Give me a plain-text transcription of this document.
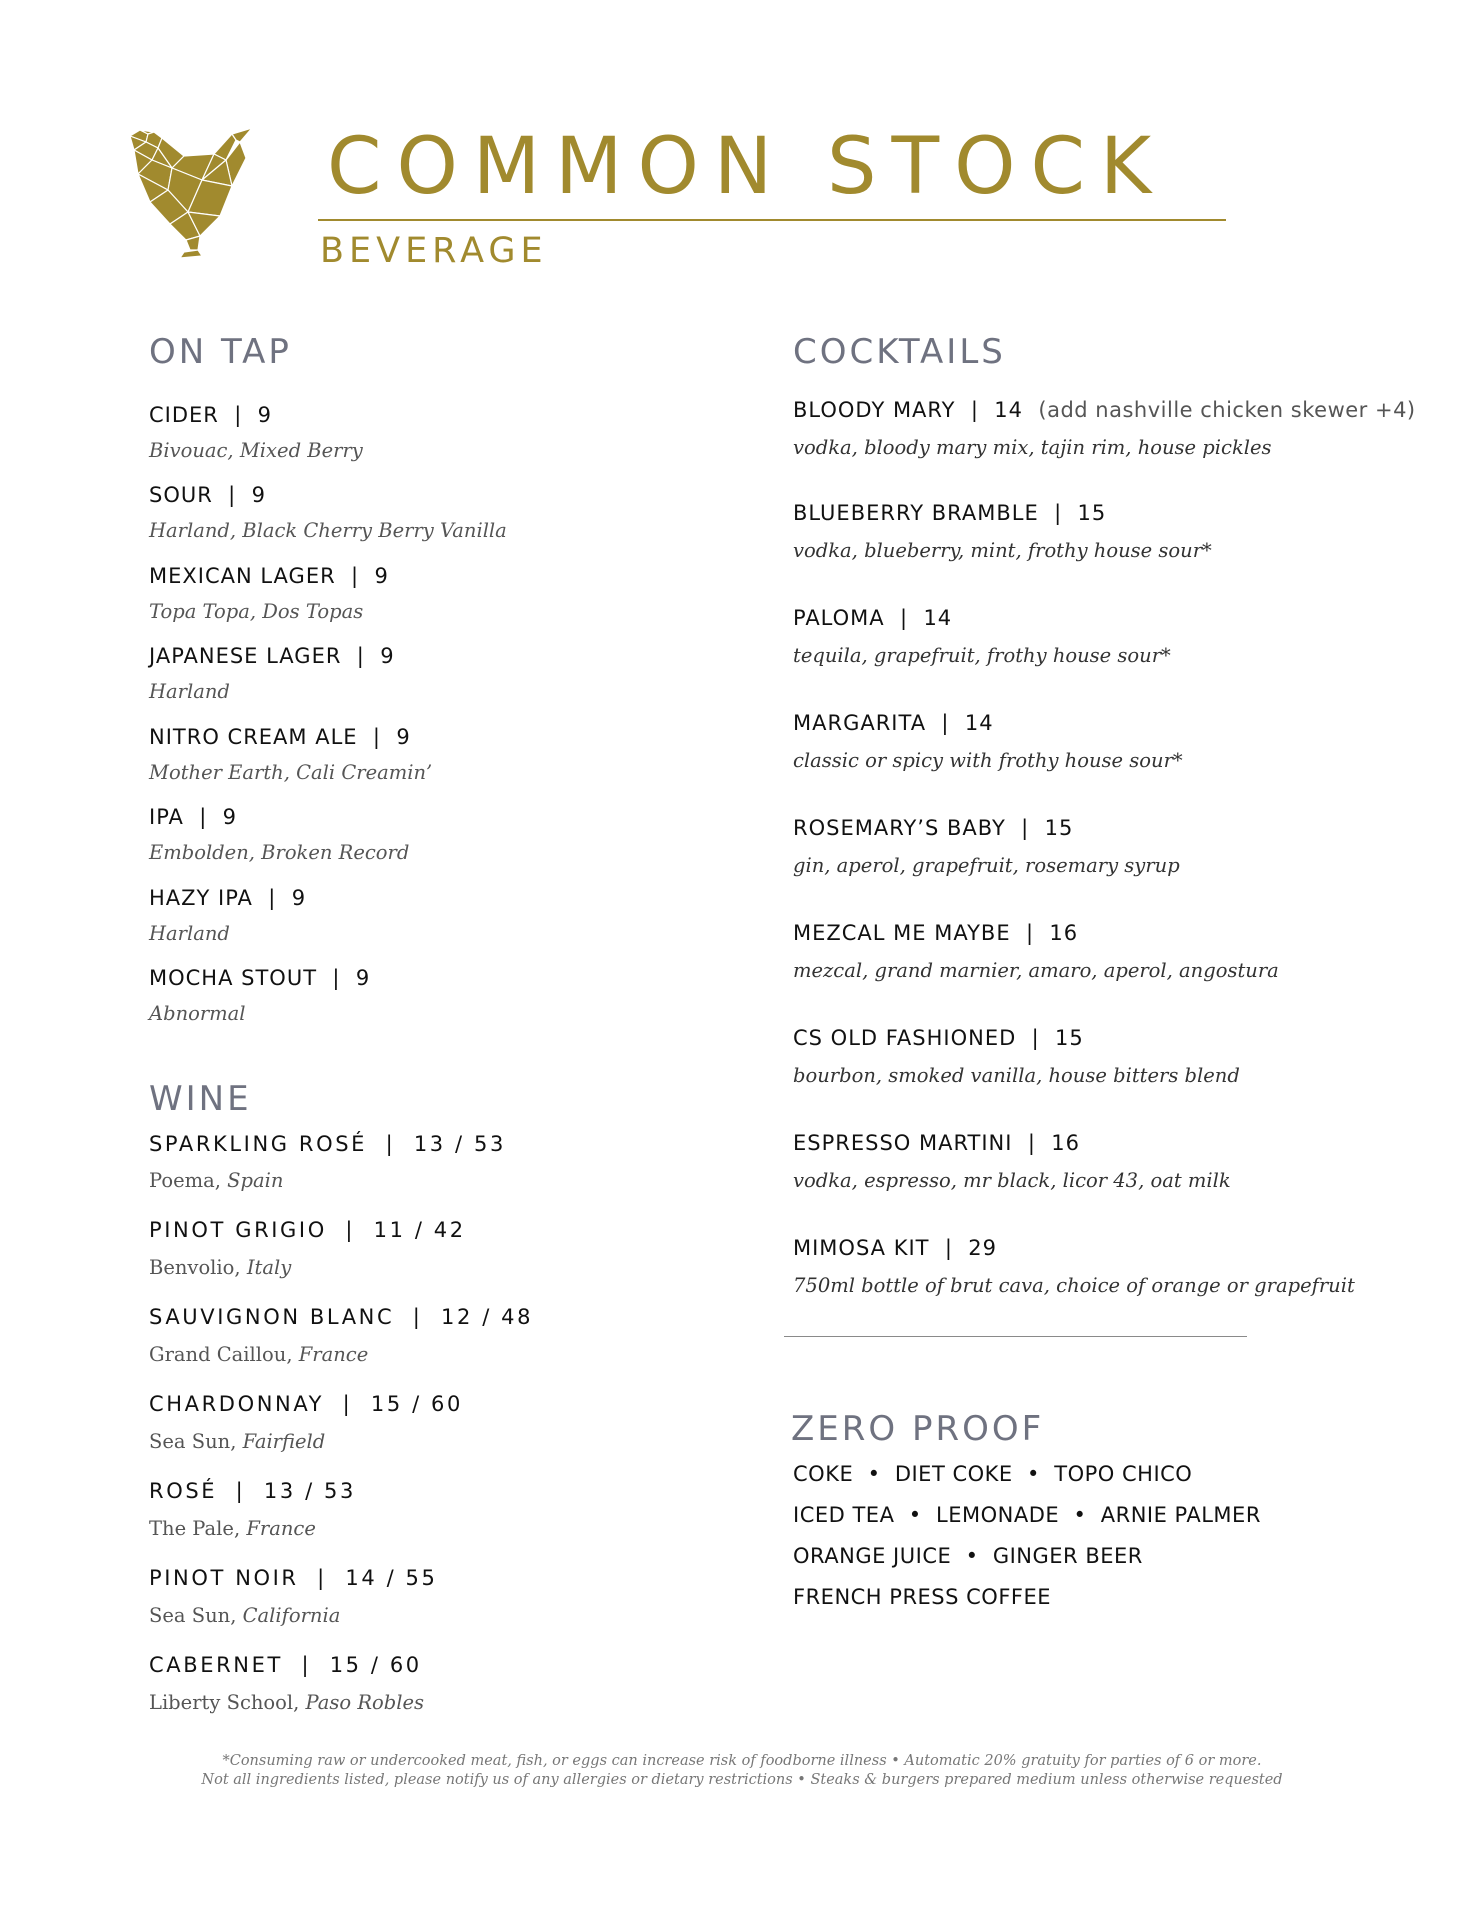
COMMON STOCK
BEVERAGE
ON TAP
CIDER  |  9
Bivouac, Mixed Berry
SOUR  |  9
Harland, Black Cherry Berry Vanilla
MEXICAN LAGER  |  9
Topa Topa, Dos Topas
JAPANESE LAGER  |  9
Harland
NITRO CREAM ALE  |  9
Mother Earth, Cali Creamin’
IPA  |  9
Embolden, Broken Record
HAZY IPA  |  9
Harland
MOCHA STOUT  |  9
Abnormal
WINE
SPARKLING ROSÉ  |  13 / 53
Poema, Spain
PINOT GRIGIO  |  11 / 42
Benvolio, Italy
SAUVIGNON BLANC  |  12 / 48
Grand Caillou, France
CHARDONNAY  |  15 / 60
Sea Sun, Fairfield
ROSÉ  |  13 / 53
The Pale, France
PINOT NOIR  |  14 / 55
Sea Sun, California
CABERNET  |  15 / 60
Liberty School, Paso Robles
COCKTAILS
BLOODY MARY  |  14 (add nashville chicken skewer +4)
vodka, bloody mary mix, tajin rim, house pickles
BLUEBERRY BRAMBLE  |  15
vodka, blueberry, mint, frothy house sour*
PALOMA  |  14
tequila, grapefruit, frothy house sour*
MARGARITA  |  14
classic or spicy with frothy house sour*
ROSEMARY’S BABY  |  15
gin, aperol, grapefruit, rosemary syrup
MEZCAL ME MAYBE  |  16
mezcal, grand marnier, amaro, aperol, angostura
CS OLD FASHIONED  |  15
bourbon, smoked vanilla, house bitters blend
ESPRESSO MARTINI  |  16
vodka, espresso, mr black, licor 43, oat milk
MIMOSA KIT  |  29
750ml bottle of brut cava, choice of orange or grapefruit
ZERO PROOF
COKE  •  DIET COKE  •  TOPO CHICO
ICED TEA  •  LEMONADE  •  ARNIE PALMER
ORANGE JUICE  •  GINGER BEER
FRENCH PRESS COFFEE
*Consuming raw or undercooked meat, fish, or eggs can increase risk of foodborne illness • Automatic 20% gratuity for parties of 6 or more.
Not all ingredients listed, please notify us of any allergies or dietary restrictions • Steaks & burgers prepared medium unless otherwise requested
